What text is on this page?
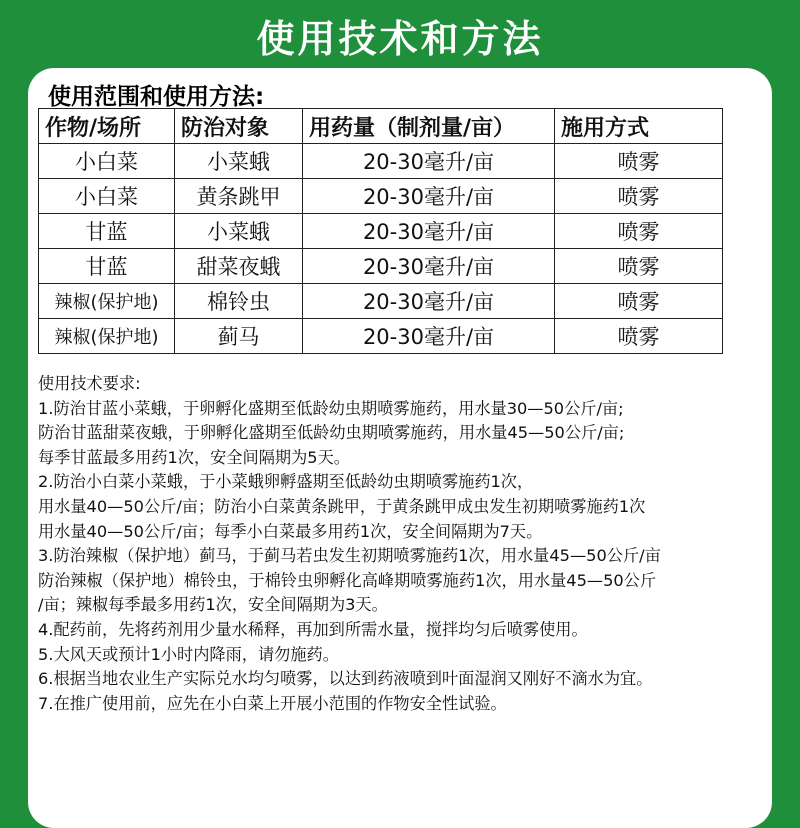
使用技术和方法
使用范围和使用方法:
作物/场所	防治对象	用药量（制剂量/亩）	施用方式
小白菜	小菜蛾	20-30毫升/亩	喷雾
小白菜	黄条跳甲	20-30毫升/亩	喷雾
甘蓝	小菜蛾	20-30毫升/亩	喷雾
甘蓝	甜菜夜蛾	20-30毫升/亩	喷雾
辣椒(保护地)	棉铃虫	20-30毫升/亩	喷雾
辣椒(保护地)	蓟马	20-30毫升/亩	喷雾
使用技术要求:
1.防治甘蓝小菜蛾，于卵孵化盛期至低龄幼虫期喷雾施药，用水量30—50公斤/亩;
防治甘蓝甜菜夜蛾，于卵孵化盛期至低龄幼虫期喷雾施药，用水量45—50公斤/亩;
每季甘蓝最多用药1次，安全间隔期为5天。
2.防治小白菜小菜蛾，于小菜蛾卵孵盛期至低龄幼虫期喷雾施药1次，
用水量40—50公斤/亩；防治小白菜黄条跳甲，于黄条跳甲成虫发生初期喷雾施药1次
用水量40—50公斤/亩；每季小白菜最多用药1次，安全间隔期为7天。
3.防治辣椒（保护地）蓟马，于蓟马若虫发生初期喷雾施药1次，用水量45—50公斤/亩
防治辣椒（保护地）棉铃虫，于棉铃虫卵孵化高峰期喷雾施药1次，用水量45—50公斤
/亩；辣椒每季最多用药1次，安全间隔期为3天。
4.配药前，先将药剂用少量水稀释，再加到所需水量，搅拌均匀后喷雾使用。
5.大风天或预计1小时内降雨，请勿施药。
6.根据当地农业生产实际兑水均匀喷雾，以达到药液喷到叶面湿润又刚好不滴水为宜。
7.在推广使用前，应先在小白菜上开展小范围的作物安全性试验。
